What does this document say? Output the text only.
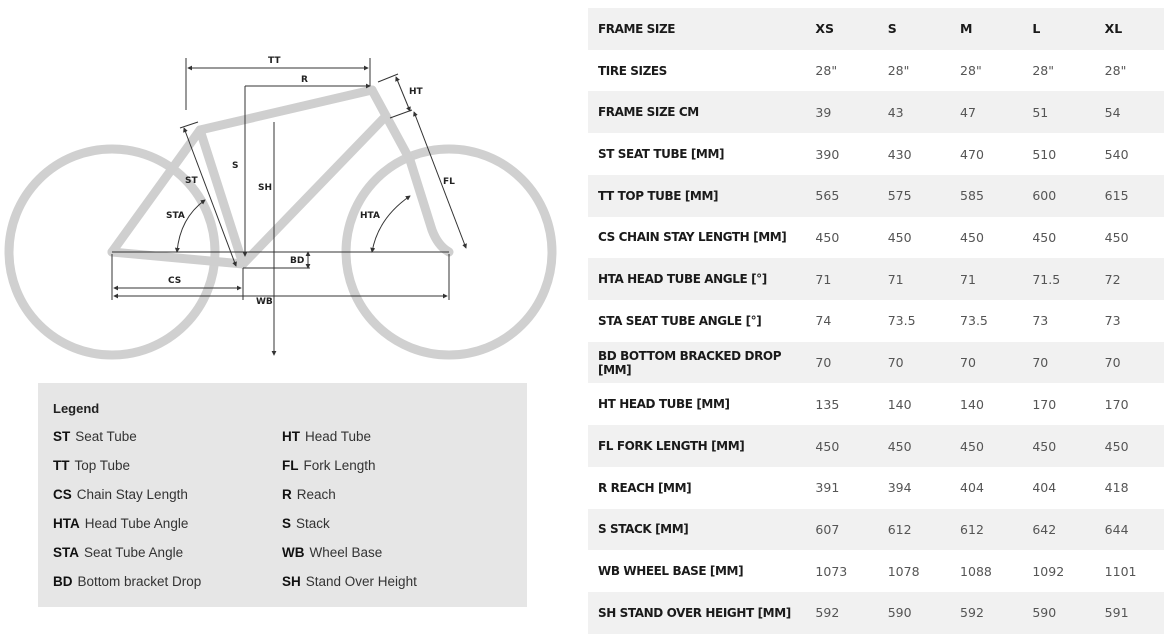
TT
R
HT
S
SH
ST
STA
FL
HTA
BD
CS
WB
Legend
ST Seat Tube
TT Top Tube
CS Chain Stay Length
HTA Head Tube Angle
STA Seat Tube Angle
BD Bottom bracket Drop
HT Head Tube
FL Fork Length
R Reach
S Stack
WB Wheel Base
SH Stand Over Height
FRAME SIZE	XS	S	M	L	XL
TIRE SIZES	28"	28"	28"	28"	28"
FRAME SIZE CM	39	43	47	51	54
ST SEAT TUBE [MM]	390	430	470	510	540
TT TOP TUBE [MM]	565	575	585	600	615
CS CHAIN STAY LENGTH [MM]	450	450	450	450	450
HTA HEAD TUBE ANGLE [°]	71	71	71	71.5	72
STA SEAT TUBE ANGLE [°]	74	73.5	73.5	73	73
BD BOTTOM BRACKED DROP [MM]	70	70	70	70	70
HT HEAD TUBE [MM]	135	140	140	170	170
FL FORK LENGTH [MM]	450	450	450	450	450
R REACH [MM]	391	394	404	404	418
S STACK [MM]	607	612	612	642	644
WB WHEEL BASE [MM]	1073	1078	1088	1092	1101
SH STAND OVER HEIGHT [MM]	592	590	592	590	591
